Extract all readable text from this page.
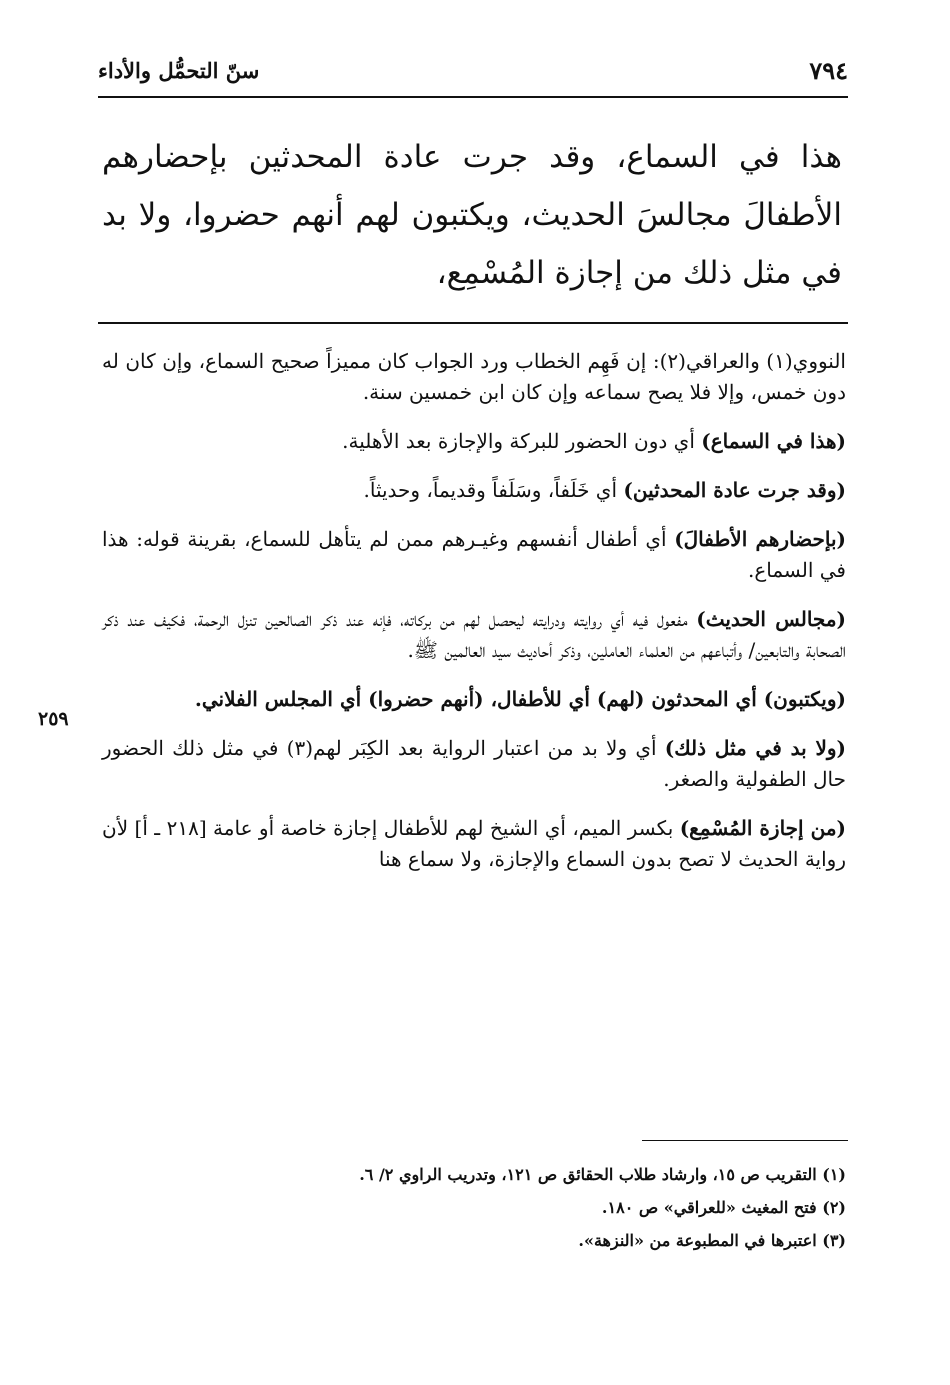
٧٩٤
سنّ التحمُّل والأداء
هذا في السماع، وقد جرت عادة المحدثين بإحضارهم الأطفالَ مجالسَ الحديث، ويكتبون لهم أنهم حضروا، ولا بد في مثل ذلك من إجازة المُسْمِع،

النووي(١) والعراقي(٢): إن فَهِم الخطاب ورد الجواب كان مميزاً صحيح السماع، وإن كان له دون خمس، وإلا فلا يصح سماعه وإن كان ابن خمسين سنة.

(هذا في السماع) أي دون الحضور للبركة والإجازة بعد الأهلية.

(وقد جرت عادة المحدثين) أي خَلَفاً، وسَلَفاً وقديماً، وحديثاً.

(بإحضارهم الأطفالَ) أي أطفال أنفسهم وغيـرهم ممن لم يتأهل للسماع، بقرينة قوله: هذا في السماع.

(مجالس الحديث) مفعول فيه أي روايته ودرايته ليحصل لهم من بركاته، فإنه عند ذكر الصالحين تنزل الرحمة، فكيف عند ذكر الصحابة والتابعين/ وأتباعهم من العلماء العاملين، وذكر أحاديث سيد العالمين ﷺ.

(ويكتبون) أي المحدثون (لهم) أي للأطفال، (أنهم حضروا) أي المجلس الفلاني.

(ولا بد في مثل ذلك) أي ولا بد من اعتبار الرواية بعد الكِبَر لهم(٣) في مثل ذلك الحضور حال الطفولية والصغر.

(من إجازة المُسْمِع) بكسر الميم، أي الشيخ لهم للأطفال إجازة خاصة أو عامة [٢١٨ ـ أ] لأن رواية الحديث لا تصح بدون السماع والإجازة، ولا سماع هنا

٢٥٩
(١) التقريب ص ١٥، وارشاد طلاب الحقائق ص ١٢١، وتدريب الراوي ٢/ ٦.
(٢) فتح المغيث «للعراقي» ص ١٨٠.
(٣) اعتبرها في المطبوعة من «النزهة».
